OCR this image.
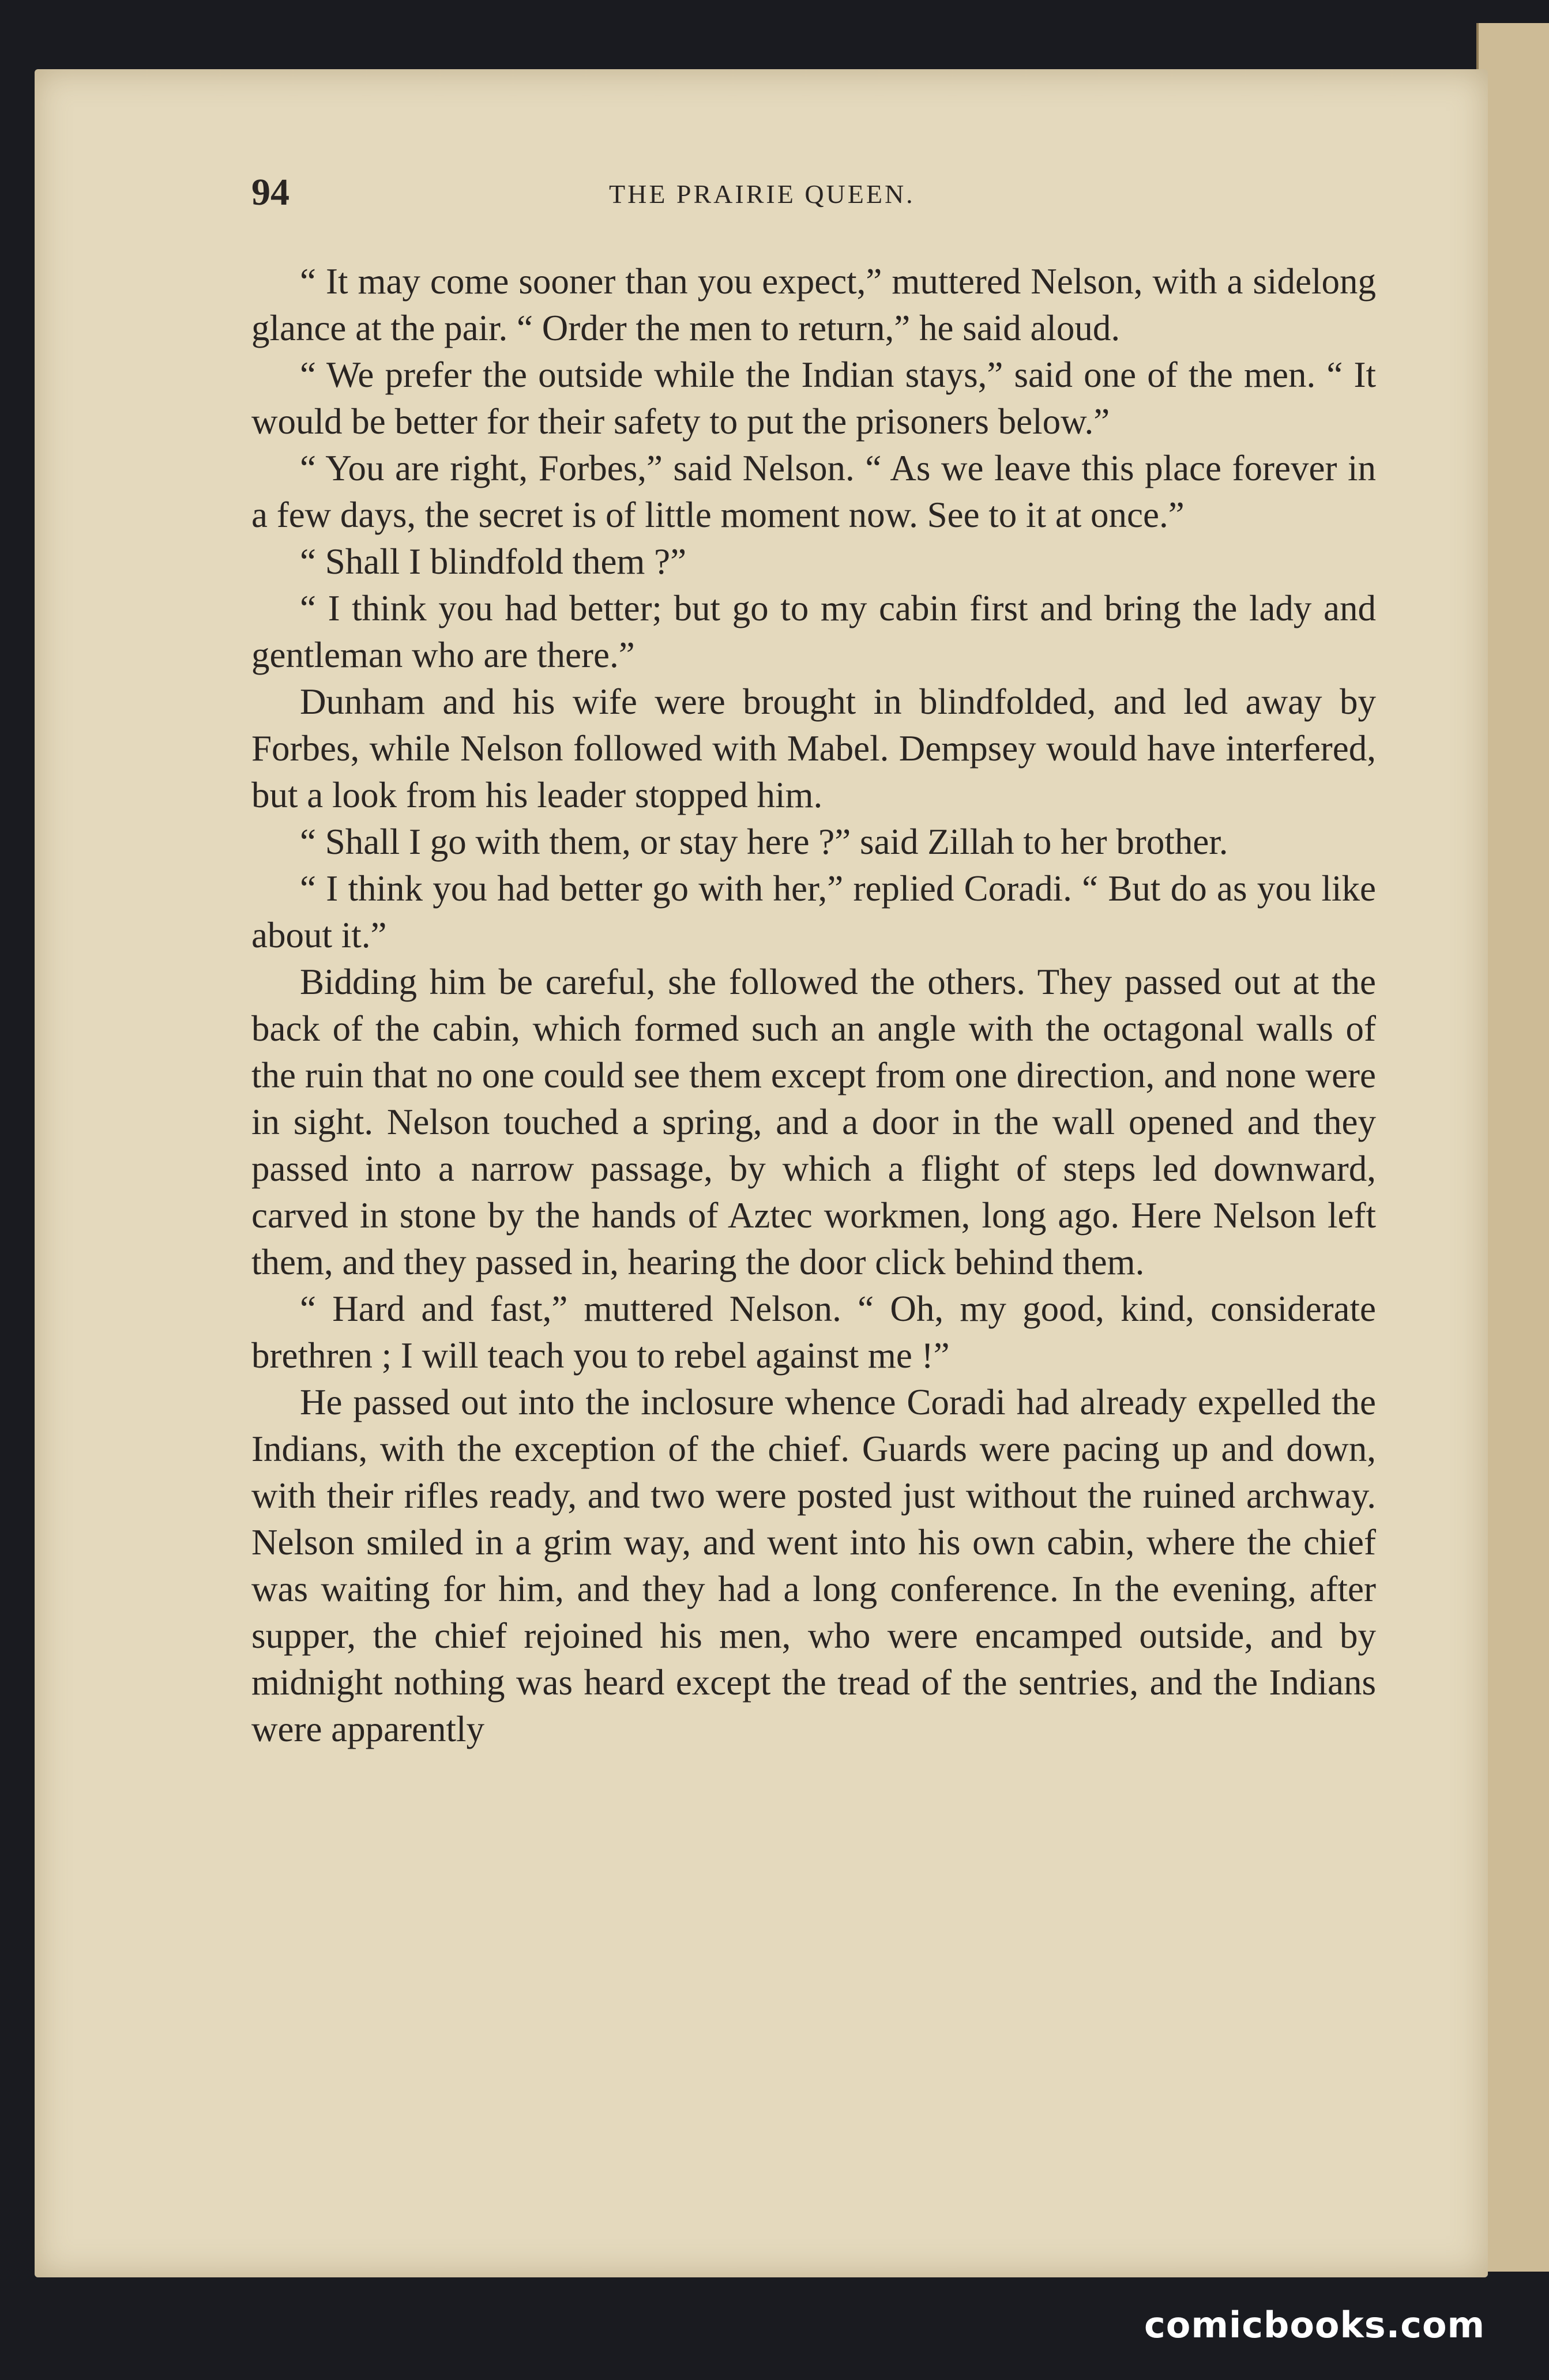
94	THE PRAIRIE QUEEN.

“ It may come sooner than you expect,” muttered Nelson, with a sidelong glance at the pair. “ Order the men to return,” he said aloud.

“ We prefer the outside while the Indian stays,” said one of the men. “ It would be better for their safety to put the prisoners below.”

“ You are right, Forbes,” said Nelson. “ As we leave this place forever in a few days, the secret is of little moment now. See to it at once.”

“ Shall I blindfold them ?”

“ I think you had better; but go to my cabin first and bring the lady and gentleman who are there.”

Dunham and his wife were brought in blindfolded, and led away by Forbes, while Nelson followed with Mabel. Dempsey would have interfered, but a look from his leader stopped him.

“ Shall I go with them, or stay here ?” said Zillah to her brother.

“ I think you had better go with her,” replied Coradi. “ But do as you like about it.”

Bidding him be careful, she followed the others. They passed out at the back of the cabin, which formed such an angle with the octagonal walls of the ruin that no one could see them except from one direction, and none were in sight. Nelson touched a spring, and a door in the wall opened and they passed into a narrow passage, by which a flight of steps led downward, carved in stone by the hands of Aztec workmen, long ago. Here Nelson left them, and they passed in, hearing the door click behind them.

“ Hard and fast,” muttered Nelson. “ Oh, my good, kind, considerate brethren ; I will teach you to rebel against me !”

He passed out into the inclosure whence Coradi had already expelled the Indians, with the exception of the chief. Guards were pacing up and down, with their rifles ready, and two were posted just without the ruined archway. Nelson smiled in a grim way, and went into his own cabin, where the chief was waiting for him, and they had a long conference. In the evening, after supper, the chief rejoined his men, who were encamped outside, and by midnight nothing was heard except the tread of the sentries, and the Indians were apparently

comicbooks.com
